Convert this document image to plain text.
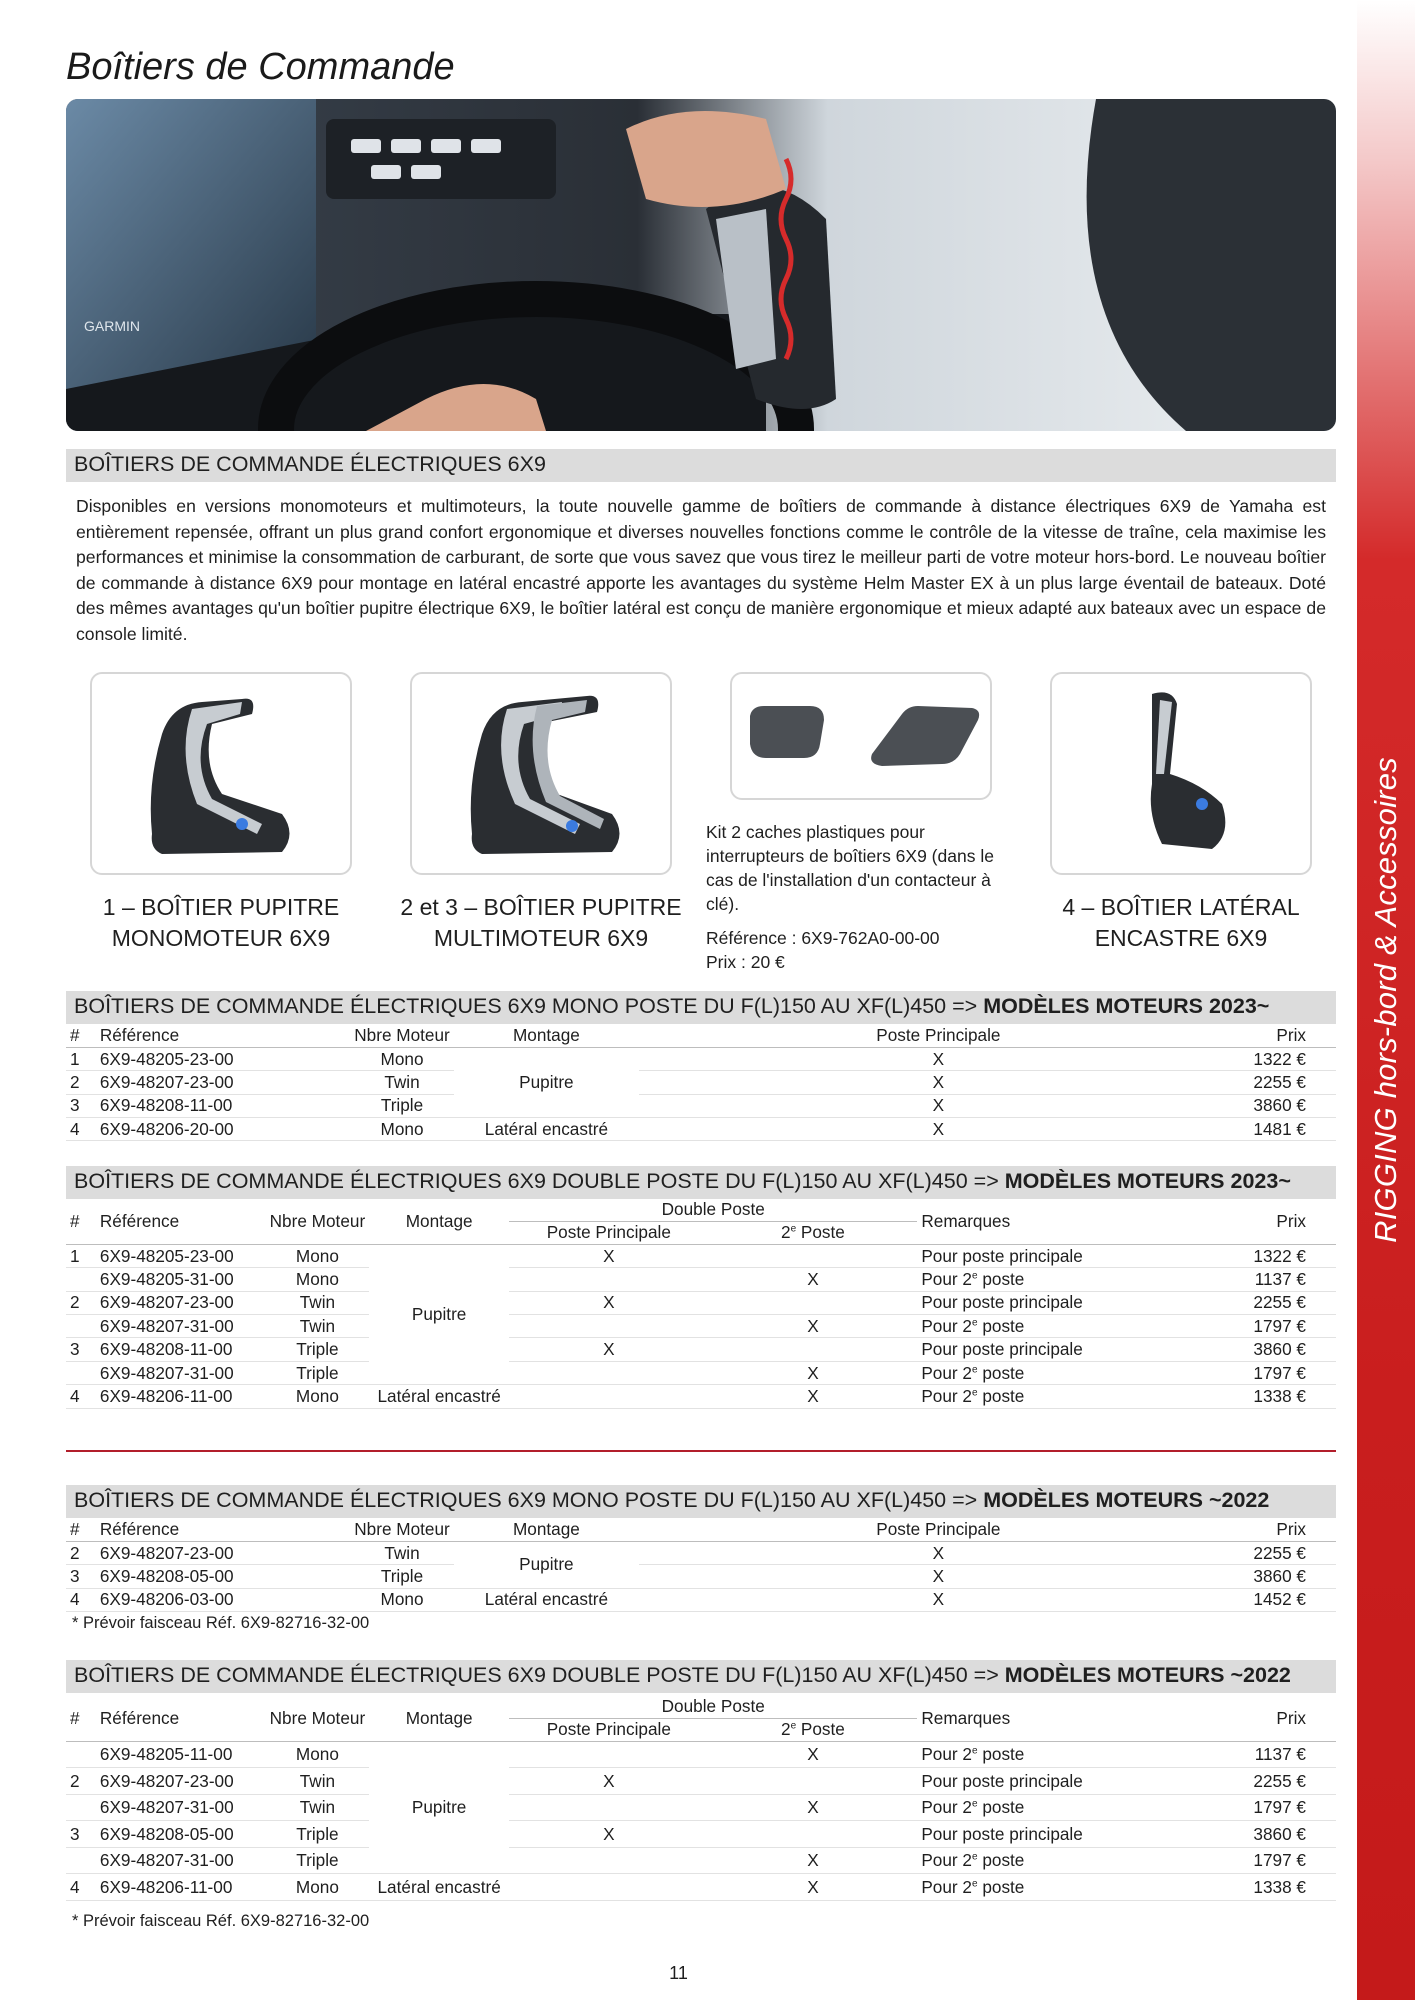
RIGGING hors-bord & Accessoires
Boîtiers de Commande
GARMIN
BOÎTIERS DE COMMANDE ÉLECTRIQUES 6X9

Disponibles en versions monomoteurs et multimoteurs, la toute nouvelle gamme de boîtiers de commande à distance électriques 6X9 de Yamaha est entièrement repensée, offrant un plus grand confort ergonomique et diverses nouvelles fonctions comme le contrôle de la vitesse de traîne, cela maximise les performances et minimise la consommation de carburant, de sorte que vous savez que vous tirez le meilleur parti de votre moteur hors-bord. Le nouveau boîtier de commande à distance 6X9 pour montage en latéral encastré apporte les avantages du système Helm Master EX à un plus large éventail de bateaux. Doté des mêmes avantages qu'un boîtier pupitre électrique 6X9, le boîtier latéral est conçu de manière ergonomique et mieux adapté aux bateaux avec un espace de console limité.

1 – BOÎTIER PUPITRE
MONOMOTEUR 6X9
2 et 3 – BOÎTIER PUPITRE
MULTIMOTEUR 6X9
4 – BOÎTIER LATÉRAL
ENCASTRE 6X9
Kit 2 caches plastiques pour interrupteurs de boîtiers 6X9 (dans le cas de l'installation d'un contacteur à clé).
Référence : 6X9-762A0-00-00
Prix : 20 €
BOÎTIERS DE COMMANDE ÉLECTRIQUES 6X9 MONO POSTE DU F(L)150 AU XF(L)450 => MODÈLES MOTEURS 2023~
#	Référence	Nbre Moteur	Montage	Poste Principale	Prix
1	6X9-48205-23-00	Mono	Pupitre	X	1322 €
2	6X9-48207-23-00	Twin		X	2255 €
3	6X9-48208-11-00	Triple		X	3860 €
4	6X9-48206-20-00	Mono	Latéral encastré	X	1481 €
BOÎTIERS DE COMMANDE ÉLECTRIQUES 6X9 DOUBLE POSTE DU F(L)150 AU XF(L)450 => MODÈLES MOTEURS 2023~
#	Référence	Nbre Moteur	Montage	Double Poste		Remarques	Prix
				Poste Principale	2e Poste		
1	6X9-48205-23-00	Mono	Pupitre	X		Pour poste principale	1322 €
	6X9-48205-31-00	Mono			X	Pour 2e poste	1137 €
2	6X9-48207-23-00	Twin		X		Pour poste principale	2255 €
	6X9-48207-31-00	Twin			X	Pour 2e poste	1797 €
3	6X9-48208-11-00	Triple		X		Pour poste principale	3860 €
	6X9-48207-31-00	Triple			X	Pour 2e poste	1797 €
4	6X9-48206-11-00	Mono	Latéral encastré		X	Pour 2e poste	1338 €
BOÎTIERS DE COMMANDE ÉLECTRIQUES 6X9 MONO POSTE DU F(L)150 AU XF(L)450 => MODÈLES MOTEURS ~2022
#	Référence	Nbre Moteur	Montage	Poste Principale	Prix
2	6X9-48207-23-00	Twin	Pupitre	X	2255 €
3	6X9-48208-05-00	Triple		X	3860 €
4	6X9-48206-03-00	Mono	Latéral encastré	X	1452 €
* Prévoir faisceau Réf. 6X9-82716-32-00
BOÎTIERS DE COMMANDE ÉLECTRIQUES 6X9 DOUBLE POSTE DU F(L)150 AU XF(L)450 => MODÈLES MOTEURS ~2022
#	Référence	Nbre Moteur	Montage	Double Poste		Remarques	Prix
				Poste Principale	2e Poste		
	6X9-48205-11-00	Mono	Pupitre		X	Pour 2e poste	1137 €
2	6X9-48207-23-00	Twin		X		Pour poste principale	2255 €
	6X9-48207-31-00	Twin			X	Pour 2e poste	1797 €
3	6X9-48208-05-00	Triple		X		Pour poste principale	3860 €
	6X9-48207-31-00	Triple			X	Pour 2e poste	1797 €
4	6X9-48206-11-00	Mono	Latéral encastré		X	Pour 2e poste	1338 €
* Prévoir faisceau Réf. 6X9-82716-32-00
11
